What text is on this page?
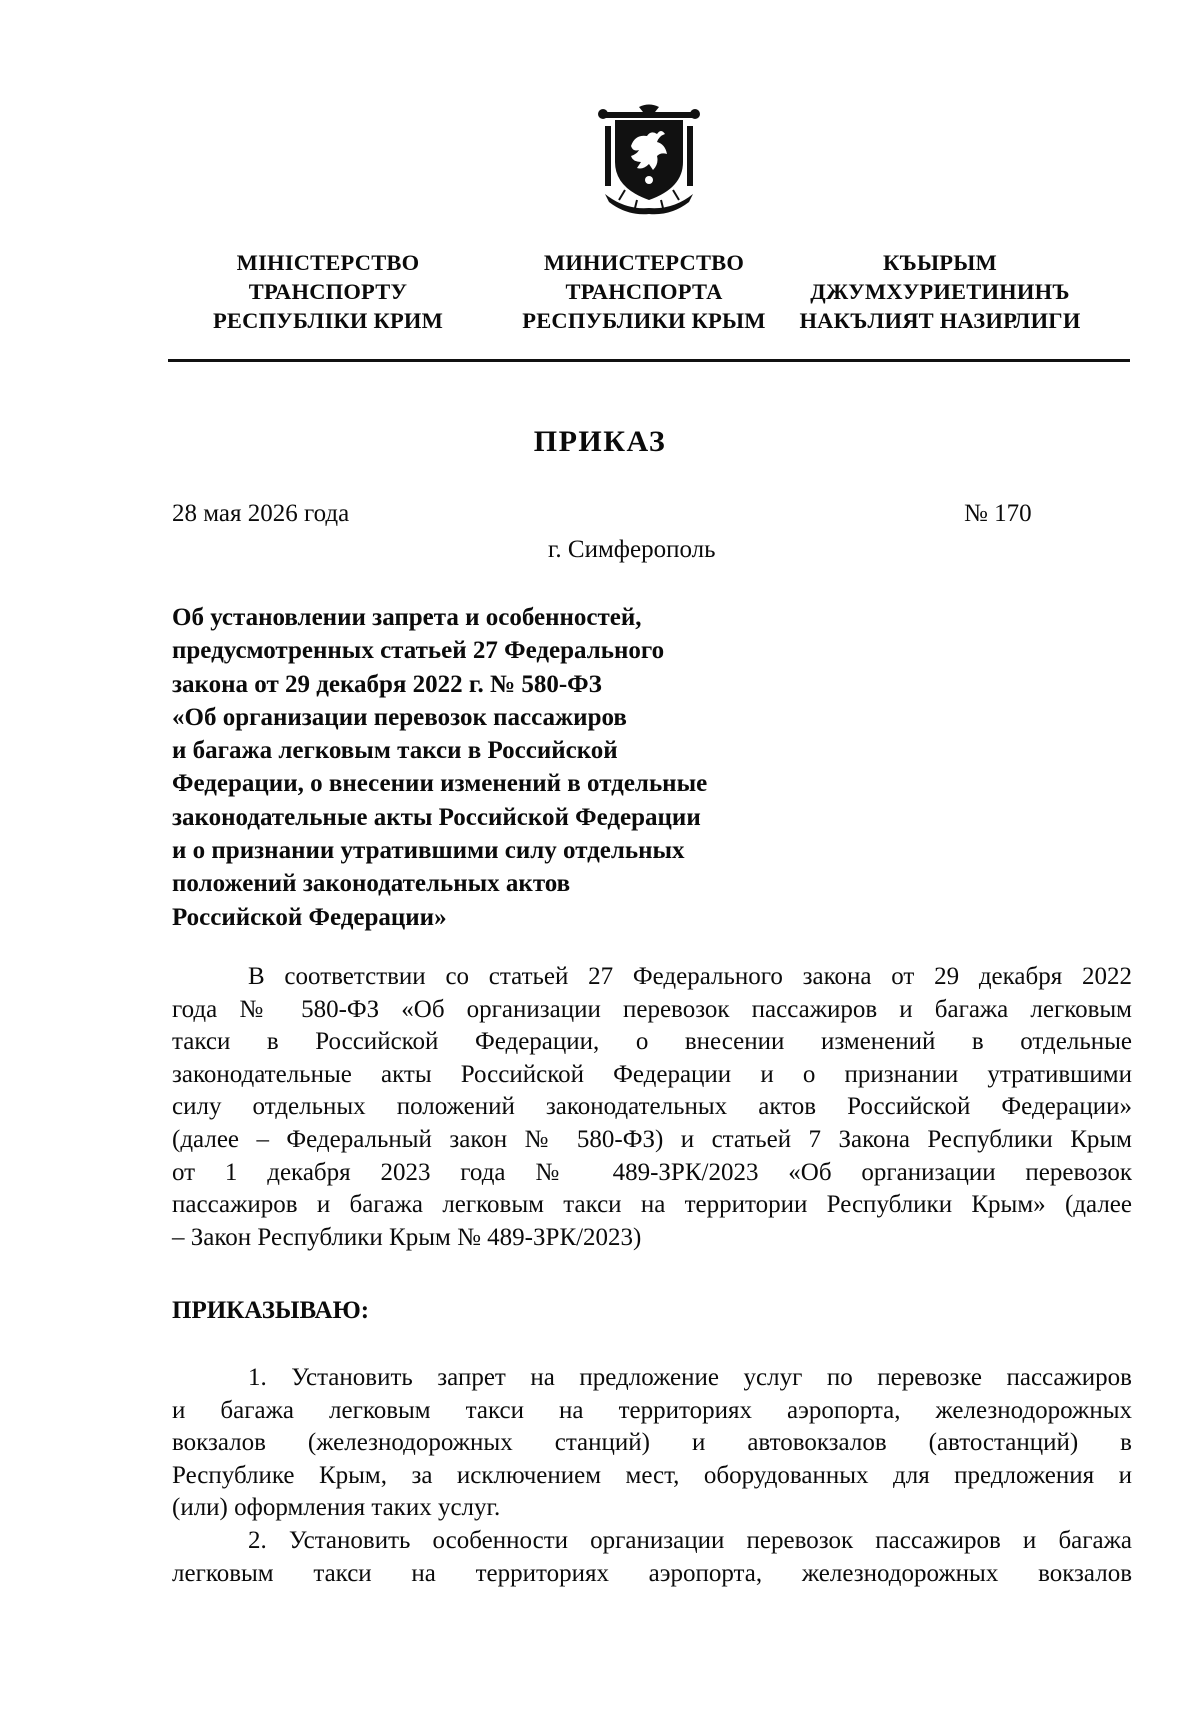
МІНІСТЕРСТВО
ТРАНСПОРТУ
РЕСПУБЛІКИ КРИМ
МИНИСТЕРСТВО
ТРАНСПОРТА
РЕСПУБЛИКИ КРЫМ
КЪЫРЫМ
ДЖУМХУРИЕТИНИНЪ
НАКЪЛИЯТ НАЗИРЛИГИ
ПРИКАЗ
28 мая 2026 года	№ 170
г. Симферополь
Об установлении запрета и особенностей,
предусмотренных статьей 27 Федерального
закона от 29 декабря 2022 г. № 580-ФЗ
«Об организации перевозок пассажиров
и багажа легковым такси в Российской
Федерации, о внесении изменений в отдельные
законодательные акты Российской Федерации
и о признании утратившими силу отдельных
положений законодательных актов
Российской Федерации»
В соответствии со статьей 27 Федерального закона от 29 декабря 2022
года № 580-ФЗ «Об организации перевозок пассажиров и багажа легковым
такси в Российской Федерации, о внесении изменений в отдельные
законодательные акты Российской Федерации и о признании утратившими
силу отдельных положений законодательных актов Российской Федерации»
(далее – Федеральный закон № 580-ФЗ) и статьей 7 Закона Республики Крым
от 1 декабря 2023 года № 489-ЗРК/2023 «Об организации перевозок
пассажиров и багажа легковым такси на территории Республики Крым» (далее
– Закон Республики Крым № 489-ЗРК/2023)
ПРИКАЗЫВАЮ:
1. Установить запрет на предложение услуг по перевозке пассажиров
и багажа легковым такси на территориях аэропорта, железнодорожных
вокзалов (железнодорожных станций) и автовокзалов (автостанций) в
Республике Крым, за исключением мест, оборудованных для предложения и
(или) оформления таких услуг.
2. Установить особенности организации перевозок пассажиров и багажа
легковым такси на территориях аэропорта, железнодорожных вокзалов
